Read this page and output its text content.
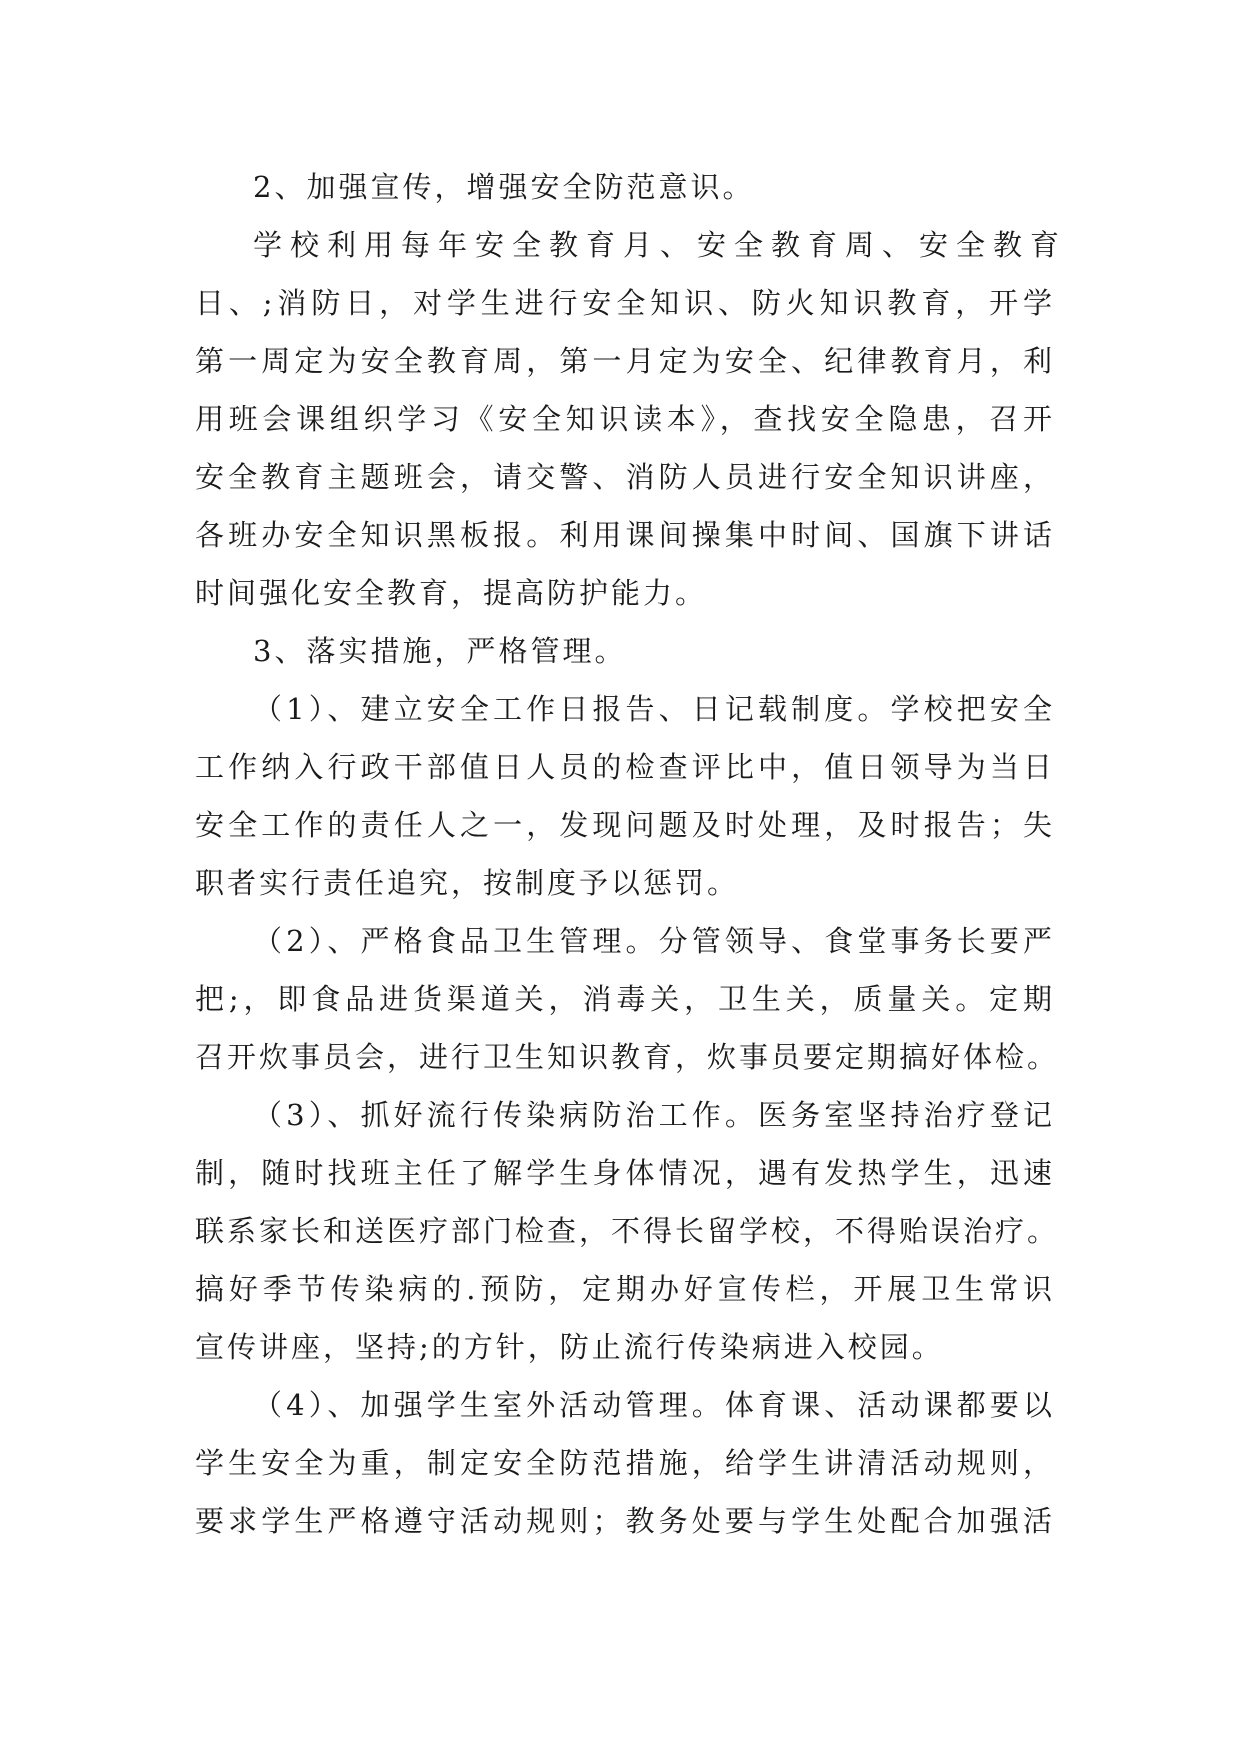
2、加强宣传，增强安全防范意识。
学校利用每年安全教育月、安全教育周、安全教育
日、;消防日，对学生进行安全知识、防火知识教育，开学
第一周定为安全教育周，第一月定为安全、纪律教育月，利
用班会课组织学习《安全知识读本》，查找安全隐患，召开
安全教育主题班会，请交警、消防人员进行安全知识讲座，
各班办安全知识黑板报。利用课间操集中时间、国旗下讲话
时间强化安全教育，提高防护能力。
3、落实措施，严格管理。
（1）、建立安全工作日报告、日记载制度。学校把安全
工作纳入行政干部值日人员的检查评比中，值日领导为当日
安全工作的责任人之一，发现问题及时处理，及时报告；失
职者实行责任追究，按制度予以惩罚。
（2）、严格食品卫生管理。分管领导、食堂事务长要严
把;，即食品进货渠道关，消毒关，卫生关，质量关。定期
召开炊事员会，进行卫生知识教育，炊事员要定期搞好体检。
（3）、抓好流行传染病防治工作。医务室坚持治疗登记
制，随时找班主任了解学生身体情况，遇有发热学生，迅速
联系家长和送医疗部门检查，不得长留学校，不得贻误治疗。
搞好季节传染病的.预防，定期办好宣传栏，开展卫生常识
宣传讲座，坚持;的方针，防止流行传染病进入校园。
（4）、加强学生室外活动管理。体育课、活动课都要以
学生安全为重，制定安全防范措施，给学生讲清活动规则，
要求学生严格遵守活动规则；教务处要与学生处配合加强活
